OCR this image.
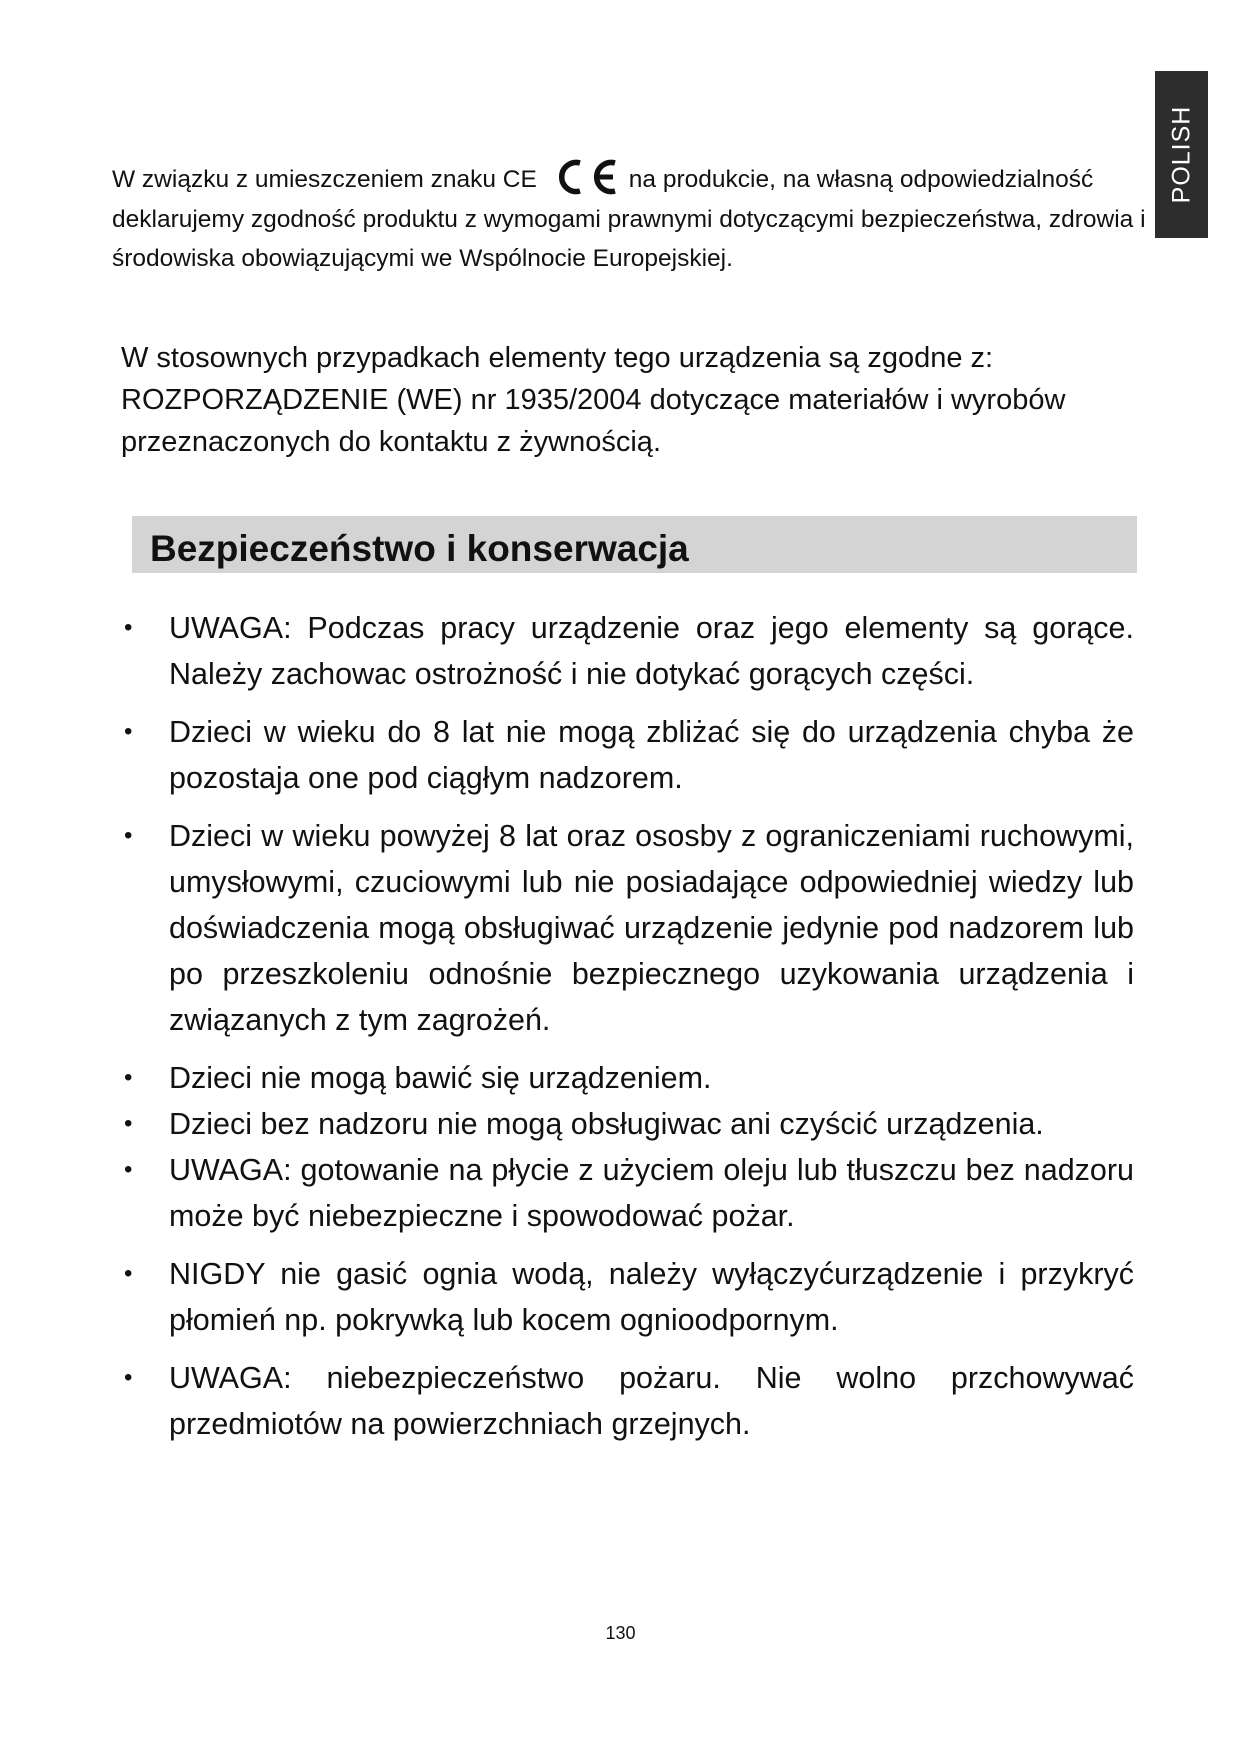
POLISH

W związku z umieszczeniem znaku CE	na produkcie, na własną odpowiedzialność deklarujemy zgodność produktu z wymogami prawnymi dotyczącymi bezpieczeństwa, zdrowia i środowiska obowiązującymi we Wspólnocie Europejskiej.

W stosownych przypadkach elementy tego urządzenia są zgodne z: ROZPORZĄDZENIE (WE) nr 1935/2004 dotyczące materiałów i wyrobów przeznaczonych do kontaktu z żywnością.

Bezpieczeństwo i konserwacja
• UWAGA: Podczas pracy urządzenie oraz jego elementy są gorące. Należy zachowac ostrożność i nie dotykać gorących części.
• Dzieci w wieku do 8 lat nie mogą zbliżać się do urządzenia chyba że pozostaja one pod ciągłym nadzorem.
• Dzieci w wieku powyżej 8 lat oraz ososby z ograniczeniami ruchowymi, umysłowymi, czuciowymi lub nie posiadające odpowiedniej wiedzy lub doświadczenia mogą obsługiwać urządzenie jedynie pod nadzorem lub po przeszkoleniu odnośnie bezpiecznego uzykowania urządzenia i związanych z tym zagrożeń.
• Dzieci nie mogą bawić się urządzeniem.
• Dzieci bez nadzoru nie mogą obsługiwac ani czyścić urządzenia.
• UWAGA: gotowanie na płycie z użyciem oleju lub tłuszczu bez nadzoru może być niebezpieczne i spowodować pożar.
• NIGDY nie gasić ognia wodą, należy wyłączyćurządzenie i przykryć płomień np. pokrywką lub kocem ognioodpornym.
• UWAGA: niebezpieczeństwo pożaru. Nie wolno przchowywać przedmiotów na powierzchniach grzejnych.
130
